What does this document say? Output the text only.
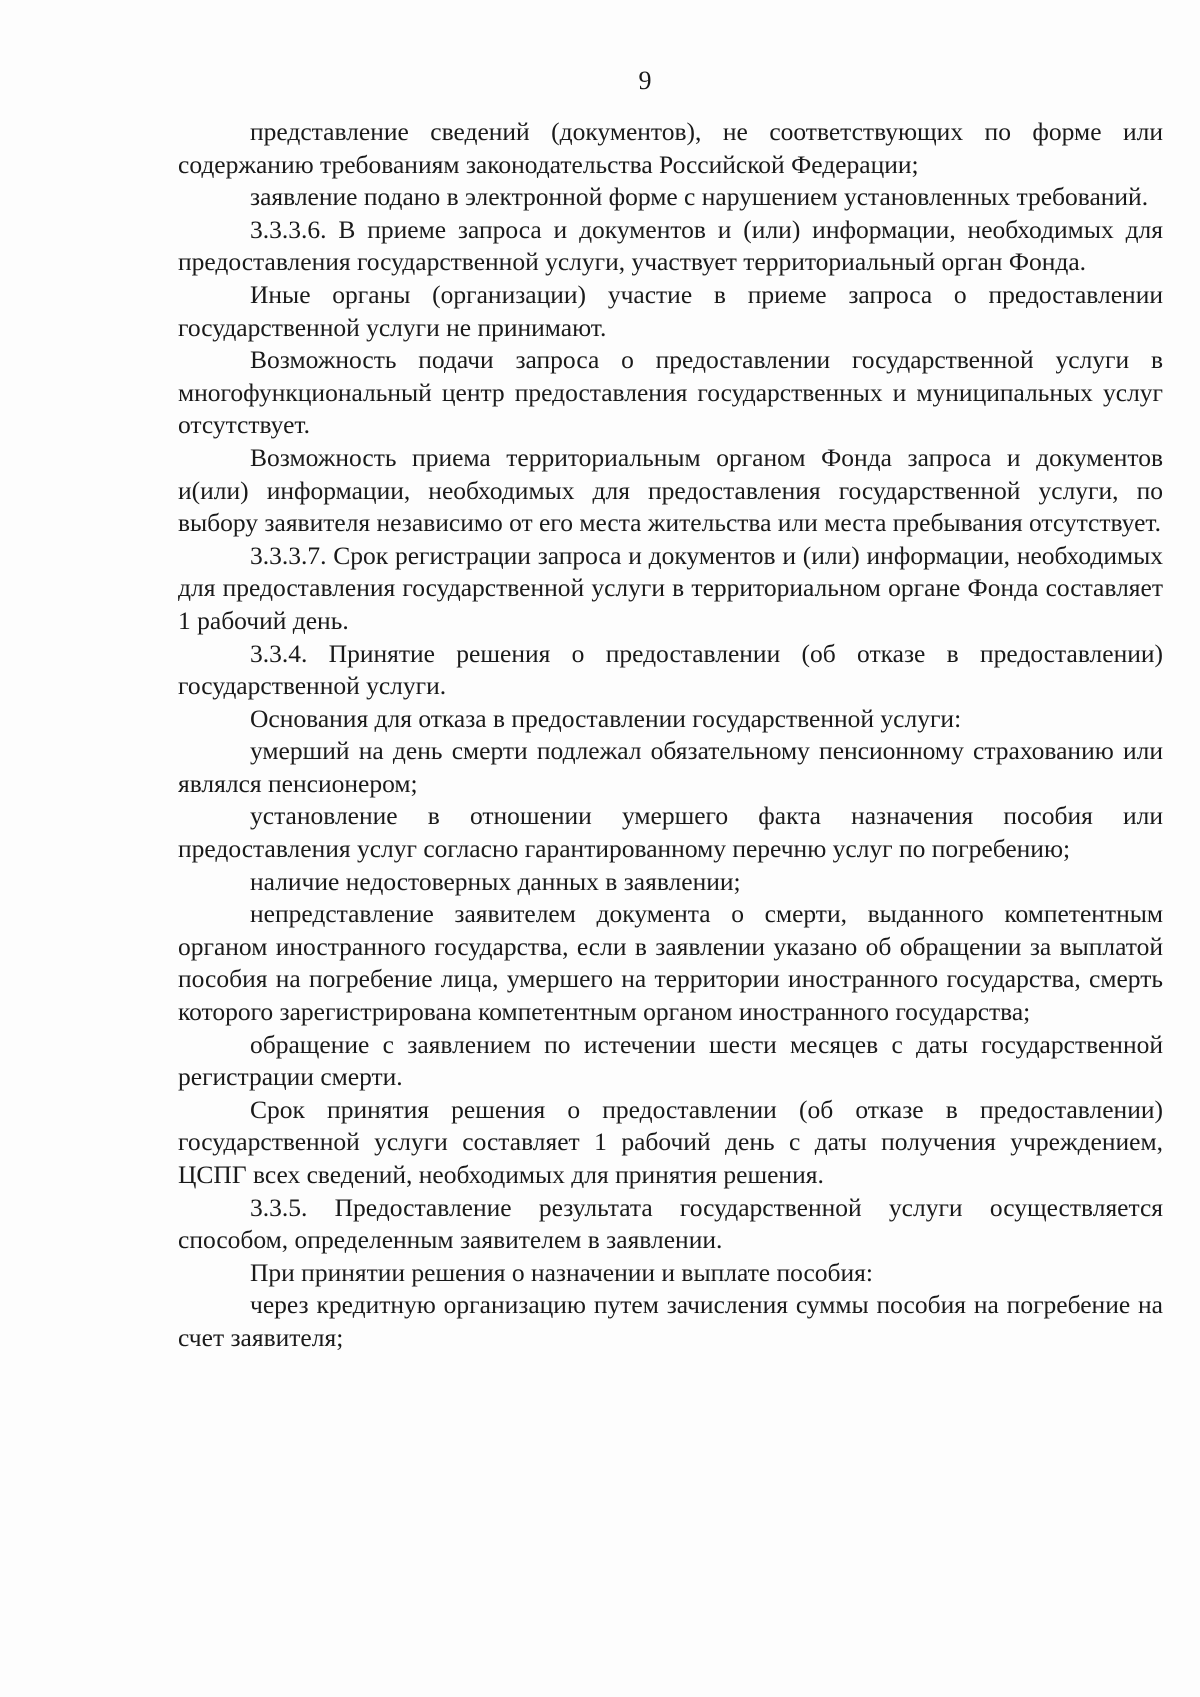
9

представление сведений (документов), не соответствующих по форме или содержанию требованиям законодательства Российской Федерации;

заявление подано в электронной форме с нарушением установленных требований.

3.3.3.6. В приеме запроса и документов и (или) информации, необходимых для предоставления государственной услуги, участвует территориальный орган Фонда.

Иные органы (организации) участие в приеме запроса о предоставлении государственной услуги не принимают.

Возможность подачи запроса о предоставлении государственной услуги в многофункциональный центр предоставления государственных и муниципальных услуг отсутствует.

Возможность приема территориальным органом Фонда запроса и документов и(или) информации, необходимых для предоставления государственной услуги, по выбору заявителя независимо от его места жительства или места пребывания отсутствует.

3.3.3.7. Срок регистрации запроса и документов и (или) информации, необходимых для предоставления государственной услуги в территориальном органе Фонда составляет 1 рабочий день.

3.3.4. Принятие решения о предоставлении (об отказе в предоставлении) государственной услуги.

Основания для отказа в предоставлении государственной услуги:

умерший на день смерти подлежал обязательному пенсионному страхованию или являлся пенсионером;

установление в отношении умершего факта назначения пособия или предоставления услуг согласно гарантированному перечню услуг по погребению;

наличие недостоверных данных в заявлении;

непредставление заявителем документа о смерти, выданного компетентным органом иностранного государства, если в заявлении указано об обращении за выплатой пособия на погребение лица, умершего на территории иностранного государства, смерть которого зарегистрирована компетентным органом иностранного государства;

обращение с заявлением по истечении шести месяцев с даты государственной регистрации смерти.

Срок принятия решения о предоставлении (об отказе в предоставлении) государственной услуги составляет 1 рабочий день с даты получения учреждением, ЦСПГ всех сведений, необходимых для принятия решения.

3.3.5. Предоставление результата государственной услуги осуществляется способом, определенным заявителем в заявлении.

При принятии решения о назначении и выплате пособия:

через кредитную организацию путем зачисления суммы пособия на погребение на счет заявителя;
